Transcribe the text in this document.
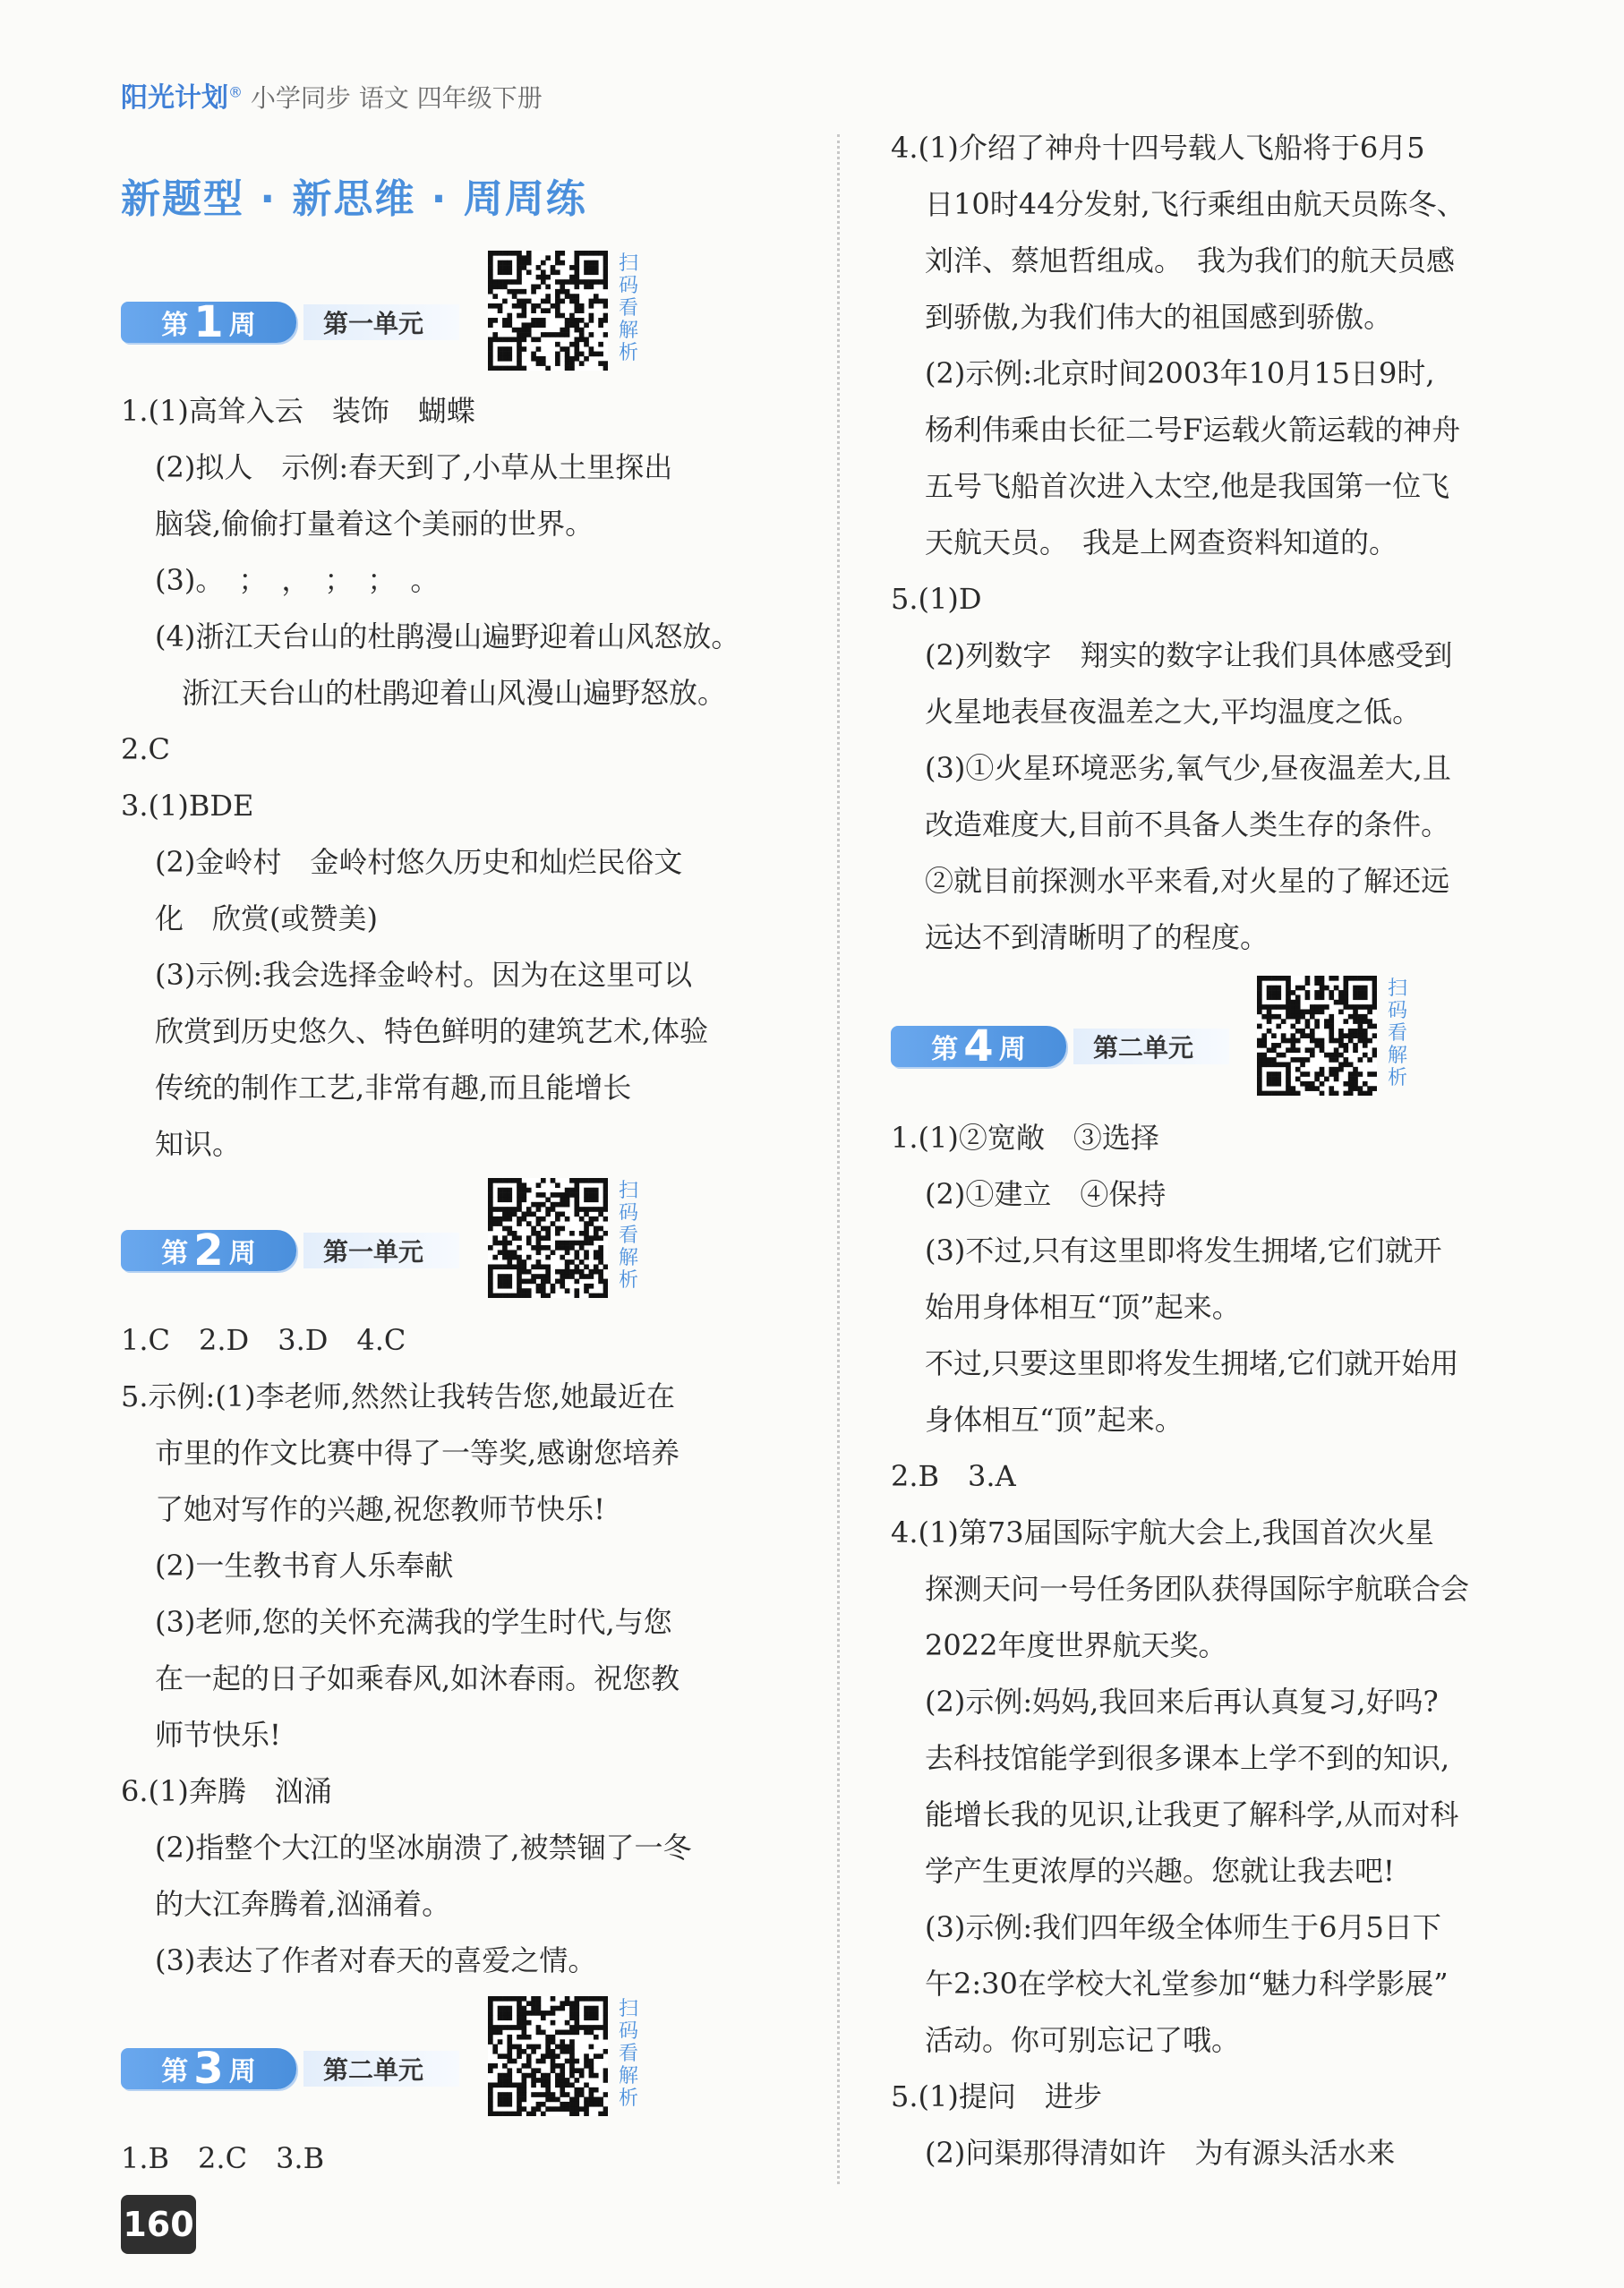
阳光计划® 小学同步 语文 四年级下册
新题型 · 新思维 · 周周练
第 1 周	第一单元
扫
码
看
解
析

1.(1)高耸入云　装饰　蝴蝶

(2)拟人　示例:春天到了,小草从土里探出

脑袋,偷偷打量着这个美丽的世界。

(3)。　；　，　；　；　。

(4)浙江天台山的杜鹃漫山遍野迎着山风怒放。

浙江天台山的杜鹃迎着山风漫山遍野怒放。

2.C

3.(1)BDE

(2)金岭村　金岭村悠久历史和灿烂民俗文

化　欣赏(或赞美)

(3)示例:我会选择金岭村。因为在这里可以

欣赏到历史悠久、特色鲜明的建筑艺术,体验

传统的制作工艺,非常有趣,而且能增长

知识。

第 2 周	第一单元
扫
码
看
解
析

1.C　2.D　3.D　4.C

5.示例:(1)李老师,然然让我转告您,她最近在

市里的作文比赛中得了一等奖,感谢您培养

了她对写作的兴趣,祝您教师节快乐!

(2)一生教书育人乐奉献

(3)老师,您的关怀充满我的学生时代,与您

在一起的日子如乘春风,如沐春雨。祝您教

师节快乐!

6.(1)奔腾　汹涌

(2)指整个大江的坚冰崩溃了,被禁锢了一冬

的大江奔腾着,汹涌着。

(3)表达了作者对春天的喜爱之情。

第 3 周	第二单元
扫
码
看
解
析

1.B　2.C　3.B

4.(1)介绍了神舟十四号载人飞船将于6月5

日10时44分发射,飞行乘组由航天员陈冬、

刘洋、蔡旭哲组成。　我为我们的航天员感

到骄傲,为我们伟大的祖国感到骄傲。

(2)示例:北京时间2003年10月15日9时,

杨利伟乘由长征二号F运载火箭运载的神舟

五号飞船首次进入太空,他是我国第一位飞

天航天员。　我是上网查资料知道的。

5.(1)D

(2)列数字　翔实的数字让我们具体感受到

火星地表昼夜温差之大,平均温度之低。

(3)①火星环境恶劣,氧气少,昼夜温差大,且

改造难度大,目前不具备人类生存的条件。

②就目前探测水平来看,对火星的了解还远

远达不到清晰明了的程度。

第 4 周	第二单元
扫
码
看
解
析

1.(1)②宽敞　③选择

(2)①建立　④保持

(3)不过,只有这里即将发生拥堵,它们就开

始用身体相互“顶”起来。

不过,只要这里即将发生拥堵,它们就开始用

身体相互“顶”起来。

2.B　3.A

4.(1)第73届国际宇航大会上,我国首次火星

探测天问一号任务团队获得国际宇航联合会

2022年度世界航天奖。

(2)示例:妈妈,我回来后再认真复习,好吗?

去科技馆能学到很多课本上学不到的知识,

能增长我的见识,让我更了解科学,从而对科

学产生更浓厚的兴趣。您就让我去吧!

(3)示例:我们四年级全体师生于6月5日下

午2:30在学校大礼堂参加“魅力科学影展”

活动。你可别忘记了哦。

5.(1)提问　进步

(2)问渠那得清如许　为有源头活水来

160
